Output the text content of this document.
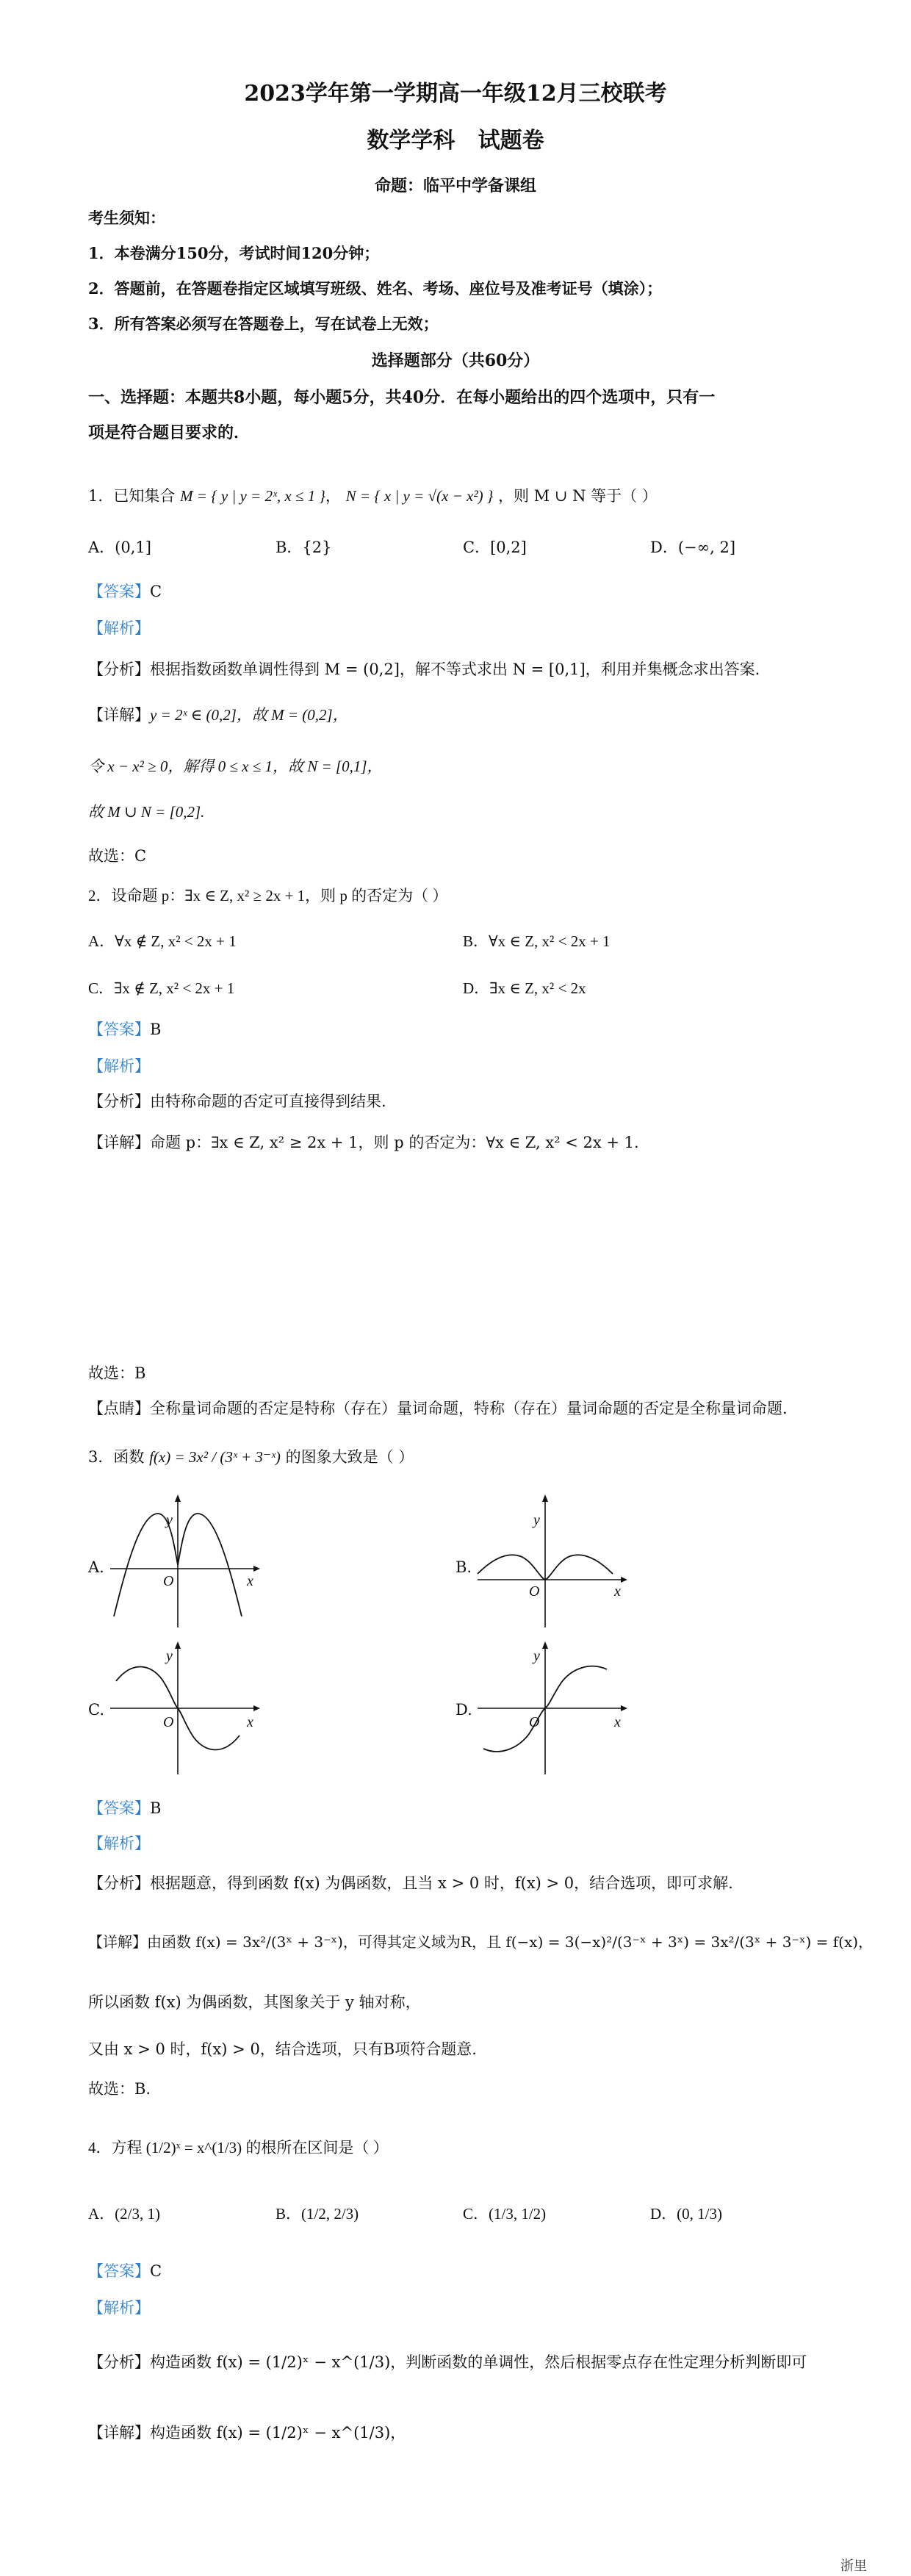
2023学年第一学期高一年级12月三校联考
数学学科   试题卷
命题：临平中学备课组
考生须知：
1．本卷满分150分，考试时间120分钟；
2．答题前，在答题卷指定区域填写班级、姓名、考场、座位号及准考证号（填涂）；
3．所有答案必须写在答题卷上，写在试卷上无效；
选择题部分（共60分）
一、选择题：本题共8小题，每小题5分，共40分．在每小题给出的四个选项中，只有一
项是符合题目要求的．
1．已知集合 M = { y | y = 2ˣ, x ≤ 1 }， N = { x | y = √(x − x²) } ，则 M ∪ N 等于（ ）
A．(0,1]	B．{2}	C．[0,2]	D．(−∞, 2]
【答案】C
【解析】
【分析】根据指数函数单调性得到 M = (0,2]，解不等式求出 N = [0,1]，利用并集概念求出答案.
【详解】y = 2ˣ ∈ (0,2]，故 M = (0,2]，
令 x − x² ≥ 0，解得 0 ≤ x ≤ 1，故 N = [0,1]，
故 M ∪ N = [0,2].
故选：C
2．设命题 p：∃x ∈ Z, x² ≥ 2x + 1，则 p 的否定为（ ）
A．∀x ∉ Z, x² < 2x + 1	B．∀x ∈ Z, x² < 2x + 1
C．∃x ∉ Z, x² < 2x + 1	D．∃x ∈ Z, x² < 2x
【答案】B
【解析】
【分析】由特称命题的否定可直接得到结果.
【详解】命题 p：∃x ∈ Z, x² ≥ 2x + 1，则 p 的否定为：∀x ∈ Z, x² < 2x + 1.
故选：B
【点睛】全称量词命题的否定是特称（存在）量词命题，特称（存在）量词命题的否定是全称量词命题.
3．函数 f(x) = 3x² / (3ˣ + 3⁻ˣ) 的图象大致是（ ）
A.
y
O	x
B.
y
O	x
C.
y
O	x
D.
y
O	x
【答案】B
【解析】
【分析】根据题意，得到函数 f(x) 为偶函数，且当 x > 0 时，f(x) > 0，结合选项，即可求解.
【详解】由函数 f(x) = 3x²/(3ˣ + 3⁻ˣ)，可得其定义域为R，且 f(−x) = 3(−x)²/(3⁻ˣ + 3ˣ) = 3x²/(3ˣ + 3⁻ˣ) = f(x)，
所以函数 f(x) 为偶函数，其图象关于 y 轴对称，
又由 x > 0 时，f(x) > 0，结合选项，只有B项符合题意.
故选：B.
4．方程 (1/2)ˣ = x^(1/3) 的根所在区间是（ ）
A．(2/3, 1)	B．(1/2, 2/3)	C．(1/3, 1/2)	D．(0, 1/3)
【答案】C
【解析】
【分析】构造函数 f(x) = (1/2)ˣ − x^(1/3)，判断函数的单调性，然后根据零点存在性定理分析判断即可
【详解】构造函数 f(x) = (1/2)ˣ − x^(1/3)，
浙里
